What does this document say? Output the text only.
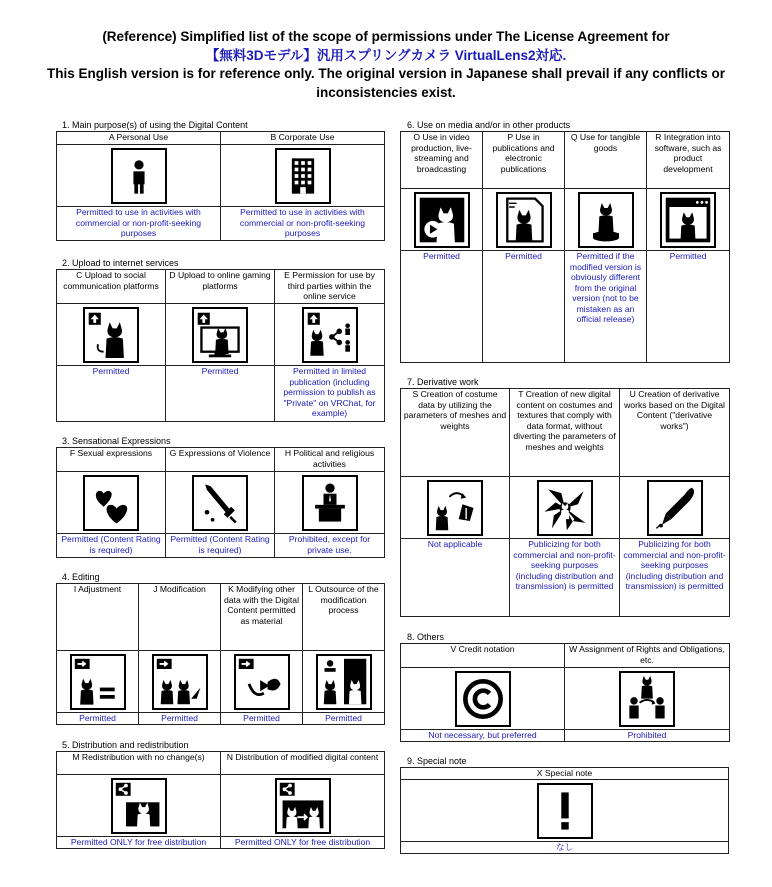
(Reference) Simplified list of the scope of permissions under The License Agreement for
【無料3Dモデル】汎用スプリングカメラ VirtualLens2対応.
This English version is for reference only. The original version in Japanese shall prevail if any conflicts or
inconsistencies exist.
1. Main purpose(s) of using the Digital Content
A Personal Use	B Corporate Use

Permitted to use in activities with commercial or non-profit-seeking purposes	Permitted to use in activities with commercial or non-profit-seeking purposes
2. Upload to internet services
C Upload to social communication platforms	D Upload to online gaming platforms	E Permission for use by third parties within the online service

Permitted	Permitted	Permitted in limited publication (including permission to publish as "Private" on VRChat, for example)
3. Sensational Expressions
F Sexual expressions	G Expressions of Violence	H Political and religious activities

Permitted (Content Rating is required)	Permitted (Content Rating is required)	Prohibited, except for private use.
4. Editing
I Adjustment	J Modification	K Modifying other data with the Digital Content permitted as material	L Outsource of the modification process

Permitted	Permitted	Permitted	Permitted
5. Distribution and redistribution
M Redistribution with no change(s)	N Distribution of modified digital content

Permitted ONLY for free distribution	Permitted ONLY for free distribution
6. Use on media and/or in other products
O Use in video production, live-streaming and broadcasting	P Use in publications and electronic publications	Q Use for tangible goods	R Integration into software, such as product development

Permitted	Permitted	Permitted if the modified version is obviously different from the original version (not to be mistaken as an official release)	Permitted
7. Derivative work
S Creation of costume data by utilizing the parameters of meshes and weights	T Creation of new digital content on costumes and textures that comply with data format, without diverting the parameters of meshes and weights	U Creation of derivative works based on the Digital Content ("derivative works")

Not applicable	Publicizing for both commercial and non-profit-seeking purposes (including distribution and transmission) is permitted	Publicizing for both commercial and non-profit-seeking purposes (including distribution and transmission) is permitted
8. Others
V Credit notation	W Assignment of Rights and Obligations, etc.

Not necessary, but preferred	Prohibited
9. Special note
X Special note

なし
